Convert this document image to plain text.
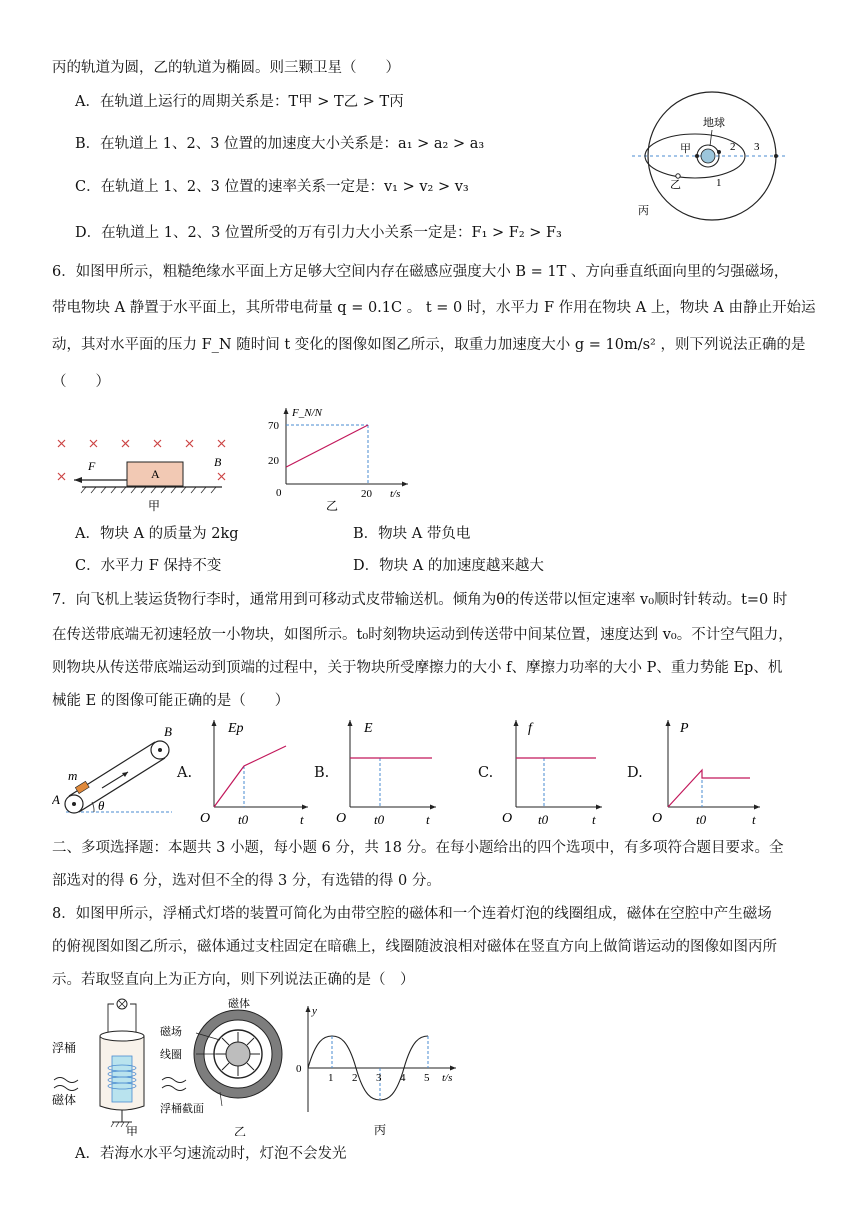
丙的轨道为圆，乙的轨道为椭圆。则三颗卫星（　　）
A．在轨道上运行的周期关系是：T甲 > T乙 > T丙
B．在轨道上 1、2、3 位置的加速度大小关系是：a₁ > a₂ > a₃
C．在轨道上 1、2、3 位置的速率关系一定是：v₁ > v₂ > v₃
D．在轨道上 1、2、3 位置所受的万有引力大小关系一定是：F₁ > F₂ > F₃
地球
甲
乙
丙
1
2 3
6．如图甲所示，粗糙绝缘水平面上方足够大空间内存在磁感应强度大小 B = 1T 、方向垂直纸面向里的匀强磁场，
带电物块 A 静置于水平面上，其所带电荷量 q = 0.1C 。 t = 0 时，水平力 F 作用在物块 A 上，物块 A 由静止开始运
动，其对水平面的压力 F_N 随时间 t 变化的图像如图乙所示，取重力加速度大小 g = 10m/s² ，则下列说法正确的是
（　　）
A
F	B
甲
F_N/N
70
20
0	20 t/s
乙
A．物块 A 的质量为 2kg	B．物块 A 带负电
C．水平力 F 保持不变	D．物块 A 的加速度越来越大
7．向飞机上装运货物行李时，通常用到可移动式皮带输送机。倾角为θ的传送带以恒定速率 v₀顺时针转动。t=0 时
在传送带底端无初速轻放一小物块，如图所示。t₀时刻物块运动到传送带中间某位置，速度达到 v₀。不计空气阻力，
则物块从传送带底端运动到顶端的过程中，关于物块所受摩擦力的大小 f、摩擦力功率的大小 P、重力势能 Ep、机
械能 E 的图像可能正确的是（　　）
m
A
B
θ
A.
Ep
O t0	t
B.
E
O t0	t
C.
f
O t0	t
D.
P
O	t0	t
二、多项选择题：本题共 3 小题，每小题 6 分，共 18 分。在每小题给出的四个选项中，有多项符合题目要求。全
部选对的得 6 分，选对但不全的得 3 分，有选错的得 0 分。
8．如图甲所示，浮桶式灯塔的装置可简化为由带空腔的磁体和一个连着灯泡的线圈组成，磁体在空腔中产生磁场
的俯视图如图乙所示，磁体通过支柱固定在暗礁上，线圈随波浪相对磁体在竖直方向上做简谐运动的图像如图丙所
示。若取竖直向上为正方向，则下列说法正确的是（　）
浮桶
磁体
甲
磁体
磁场
线圈
浮桶截面
乙
y
0
1 2 3 4 5 t/s
丙
A．若海水水平匀速流动时，灯泡不会发光
